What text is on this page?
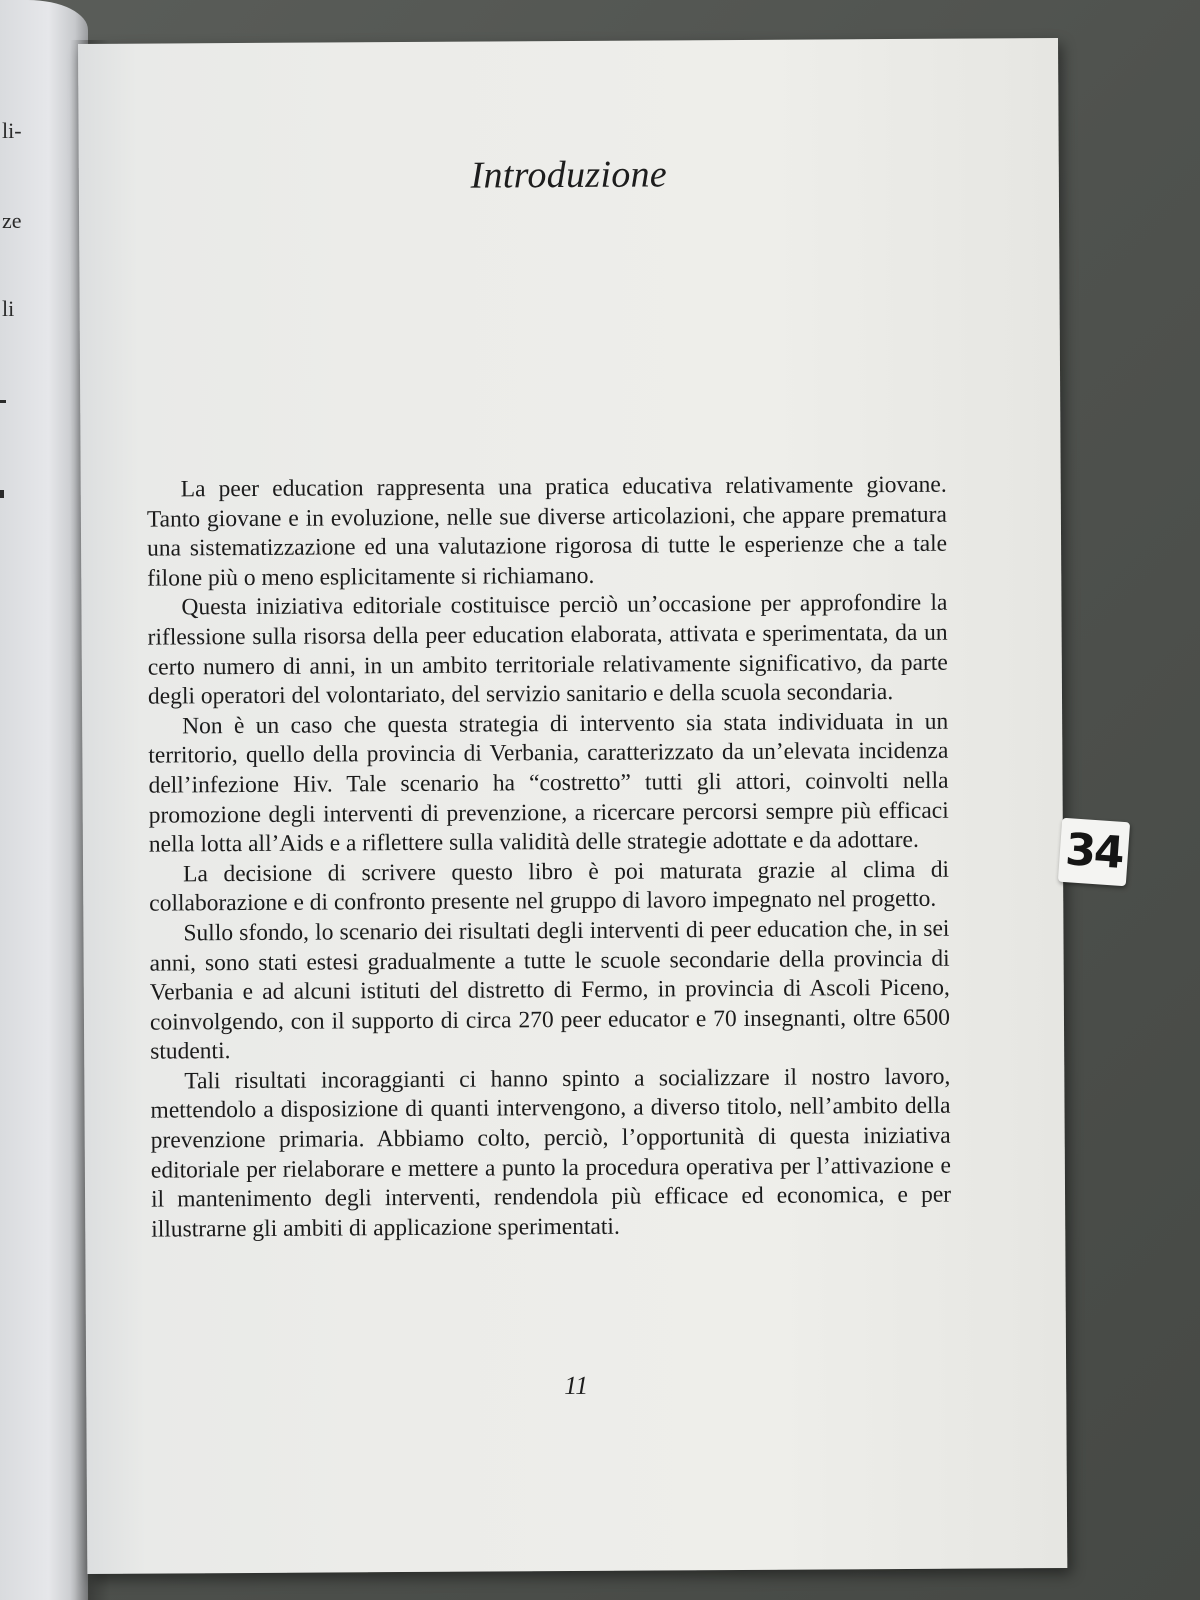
li-
ze
li
Introduzione

La peer education rappresenta una pratica educativa relativamente giovane. Tanto giovane e in evoluzione, nelle sue diverse articolazioni, che appare prematura una sistematizzazione ed una valutazione rigorosa di tutte le esperienze che a tale filone più o meno esplicitamente si richiamano.

Questa iniziativa editoriale costituisce perciò un’occasione per approfondire la riflessione sulla risorsa della peer education elaborata, attivata e sperimentata, da un certo numero di anni, in un ambito territoriale relativamente significativo, da parte degli operatori del volontariato, del servizio sanitario e della scuola secondaria.

Non è un caso che questa strategia di intervento sia stata individuata in un territorio, quello della provincia di Verbania, caratterizzato da un’elevata incidenza dell’infezione Hiv. Tale scenario ha “costretto” tutti gli attori, coinvolti nella promozione degli interventi di prevenzione, a ricercare percorsi sempre più efficaci nella lotta all’Aids e a riflettere sulla validità delle strategie adottate e da adottare.

La decisione di scrivere questo libro è poi maturata grazie al clima di collaborazione e di confronto presente nel gruppo di lavoro impegnato nel progetto.

Sullo sfondo, lo scenario dei risultati degli interventi di peer education che, in sei anni, sono stati estesi gradualmente a tutte le scuole secondarie della provincia di Verbania e ad alcuni istituti del distretto di Fermo, in provincia di Ascoli Piceno, coinvolgendo, con il supporto di circa 270 peer educator e 70 insegnanti, oltre 6500 studenti.

Tali risultati incoraggianti ci hanno spinto a socializzare il nostro lavoro, mettendolo a disposizione di quanti intervengono, a diverso titolo, nell’ambito della prevenzione primaria. Abbiamo colto, perciò, l’opportunità di questa iniziativa editoriale per rielaborare e mettere a punto la procedura operativa per l’attivazione e il mantenimento degli interventi, rendendola più efficace ed economica, e per illustrarne gli ambiti di applicazione sperimentati.

11
34
